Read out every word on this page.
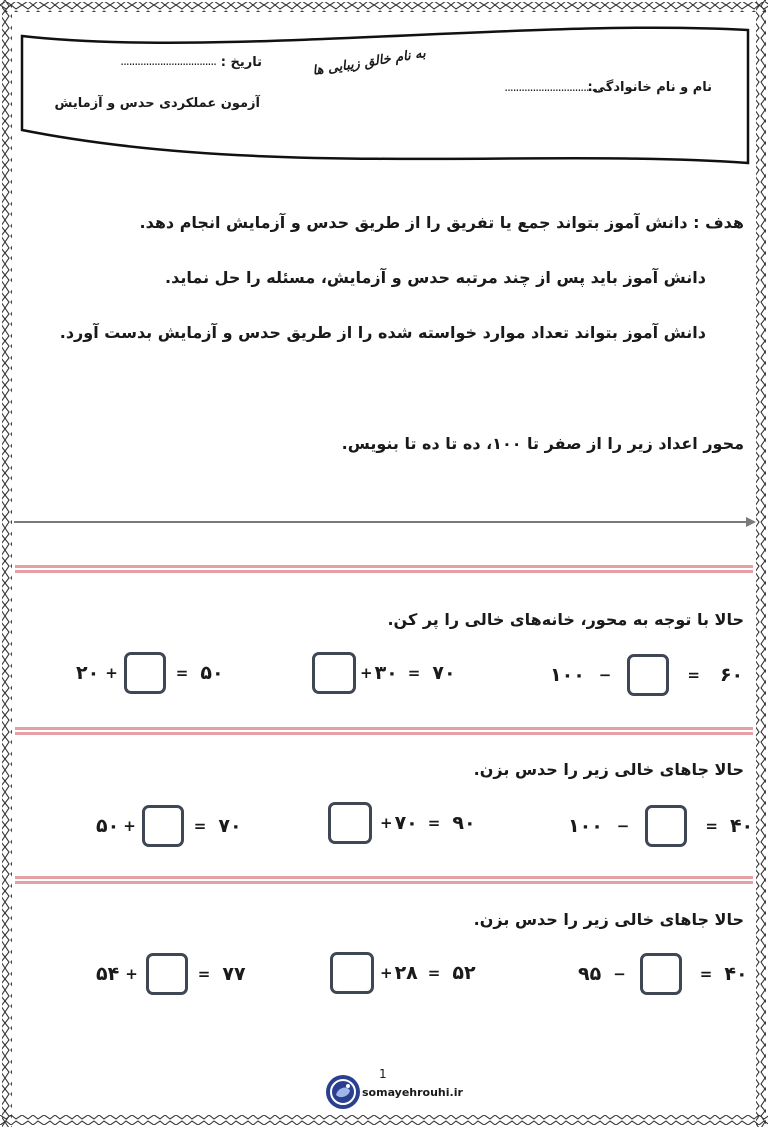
به نام خالق زیبایی ها
نام و نام خانوادگی:
..................................
تاریخ :
..................................
آزمون عملکردی حدس و آزمایش
هدف : دانش آموز بتواند جمع یا تفریق را از طریق حدس و آزمایش انجام دهد.
دانش آموز باید پس از چند مرتبه حدس و آزمایش، مسئله را حل نماید.
دانش آموز بتواند تعداد موارد خواسته شده را از طریق حدس و آزمایش بدست آورد.
محور اعداد زیر را از صفر تا ۱۰۰، ده تا ده تا بنویس.
حالا با توجه به محور، خانه‌های خالی را پر کن.
۲۰ +	= ۵۰	+ ۳۰ = ۷۰	۱۰۰ −	= ۶۰
حالا جاهای خالی زیر را حدس بزن.
۵۰ +	= ۷۰	+ ۷۰ = ۹۰	۱۰۰ −	= ۴۰
حالا جاهای خالی زیر را حدس بزن.
۵۴ +	= ۷۷	+ ۲۸ = ۵۲	۹۵ −	= ۴۰
1
somayehrouhi.ir
